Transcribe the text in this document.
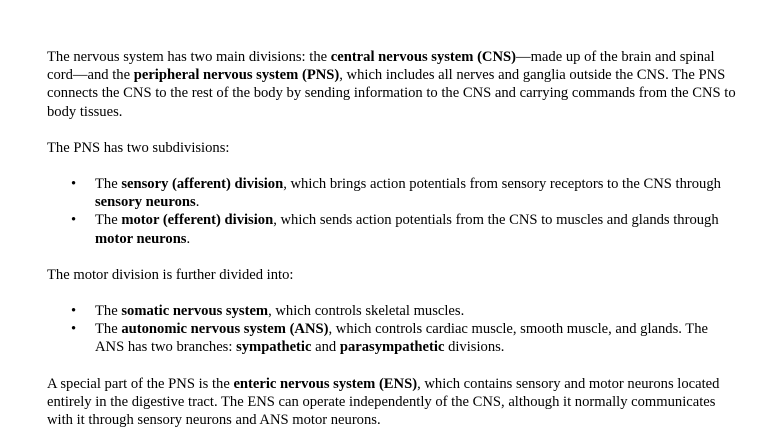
The nervous system has two main divisions: the central nervous system (CNS)—made up of the brain and spinal cord—and the peripheral nervous system (PNS), which includes all nerves and ganglia outside the CNS. The PNS connects the CNS to the rest of the body by sending information to the CNS and carrying commands from the CNS to body tissues.

The PNS has two subdivisions:

• The sensory (afferent) division, which brings action potentials from sensory receptors to the CNS through sensory neurons.
• The motor (efferent) division, which sends action potentials from the CNS to muscles and glands through motor neurons.

The motor division is further divided into:

• The somatic nervous system, which controls skeletal muscles.
• The autonomic nervous system (ANS), which controls cardiac muscle, smooth muscle, and glands. The ANS has two branches: sympathetic and parasympathetic divisions.

A special part of the PNS is the enteric nervous system (ENS), which contains sensory and motor neurons located entirely in the digestive tract. The ENS can operate independently of the CNS, although it normally communicates with it through sensory neurons and ANS motor neurons.
